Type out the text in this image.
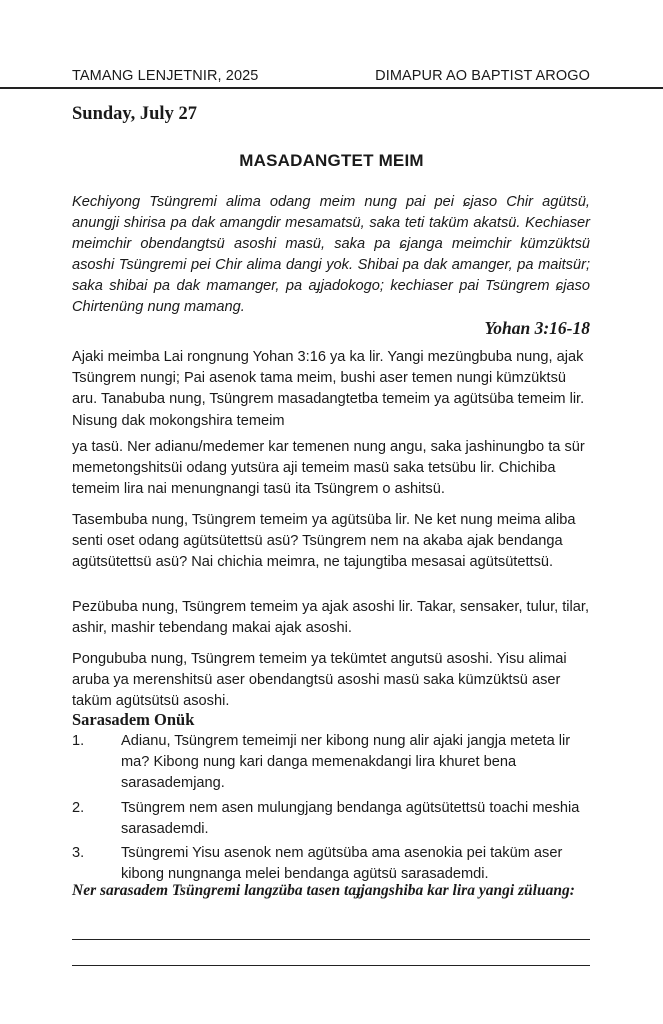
TAMANG LENJETNIR, 2025	DIMAPUR AO BAPTIST AROGO
Sunday, July 27
MASADANGTET MEIM
Kechiyong Tsüngremi alima odang meim nung pai pei ɕjaso Chir agütsü, anungji shirisa pa dak amangdir mesamatsü, saka teti taküm akatsü. Kechiaser meimchir obendangtsü asoshi masü, saka pa ɕjanga meimchir kümzüktsü asoshi Tsüngremi pei Chir alima dangi yok. Shibai pa dak amanger, pa maitsür; saka shibai pa dak mamanger, pa aɟjadokogo; kechiaser pai Tsüngrem ɕjaso Chirtenüng nung mamang.
Yohan 3:16-18

Ajaki meimba Lai rongnung Yohan 3:16 ya ka lir. Yangi mezüngbuba nung, ajak Tsüngrem nungi; Pai asenok tama meim, bushi aser temen nungi kümzüktsü aru. Tanabuba nung, Tsüngrem masadangtetba temeim ya agütsüba temeim lir. Nisung dak mokongshira temeim

ya tasü. Ner adianu/medemer kar temenen nung angu, saka jashinungbo ta sür memetongshitsüi odang yutsüra aji temeim masü saka tetsübu lir. Chichiba temeim lira nai menungnangi tasü ita Tsüngrem o ashitsü.

Tasembuba nung, Tsüngrem temeim ya agütsüba lir. Ne ket nung meima aliba senti oset odang agütsütettsü asü? Tsüngrem nem na akaba ajak bendanga agütsütettsü asü? Nai chichia meimra, ne tajungtiba mesasai agütsütettsü.

Pezübuba nung, Tsüngrem temeim ya ajak asoshi lir. Takar, sensaker, tulur, tilar, ashir, mashir tebendang makai ajak asoshi.

Pongububa nung, Tsüngrem temeim ya tekümtet angutsü asoshi. Yisu alimai aruba ya merenshitsü aser obendangtsü asoshi masü saka kümzüktsü aser taküm agütsütsü asoshi.

Sarasadem Onük
1.	Adianu, Tsüngrem temeimji ner kibong nung alir ajaki jangja meteta lir ma? Kibong nung kari danga memenakdangi lira khuret bena sarasademjang.
2.	Tsüngrem nem asen mulungjang bendanga agütsütettsü toachi meshia sarasademdi.
3.	Tsüngremi Yisu asenok nem agütsüba ama asenokia pei taküm aser kibong nungnanga melei bendanga agütsü sarasademdi.
Ner sarasadem Tsüngremi langzüba tasen taɟjangshiba kar lira yangi züluang:
